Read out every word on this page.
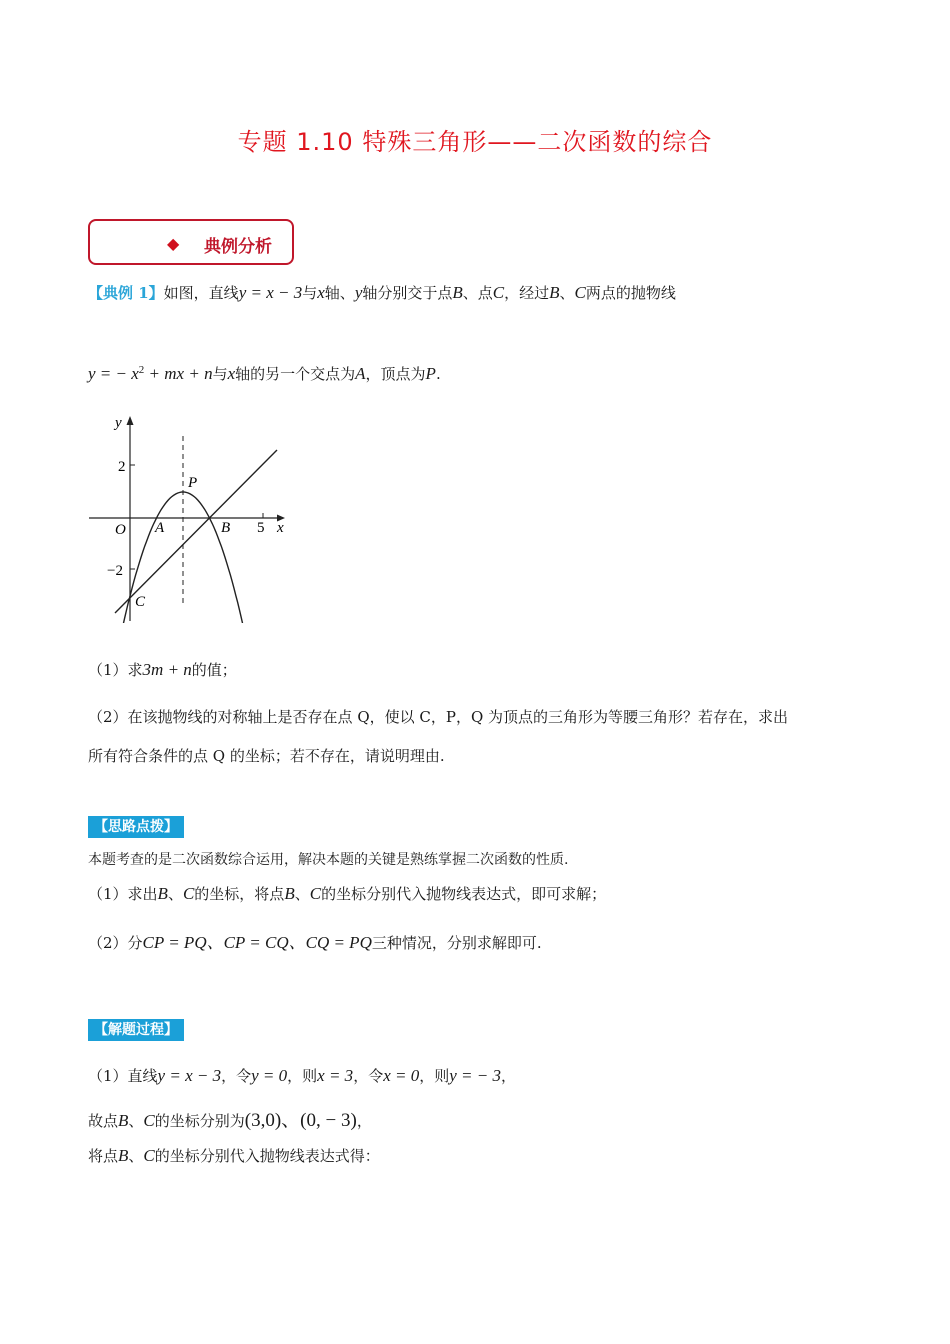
专题 1.10 特殊三角形——二次函数的综合
◆ 典例分析
【典例 1】如图，直线y = x − 3与x轴、y轴分别交于点B、点C，经过B、C两点的抛物线
y = − $x^2$ + mx + n与x轴的另一个交点为A，顶点为P.
y
x
2
5
−2
O A	B
C
P
（1）求3m + n的值；
（2）在该抛物线的对称轴上是否存在点 Q，使以 C，P，Q 为顶点的三角形为等腰三角形？若存在，求出
所有符合条件的点 Q 的坐标；若不存在，请说明理由.
【思路点拨】
本题考查的是二次函数综合运用，解决本题的关键是熟练掌握二次函数的性质.
（1）求出B、C的坐标，将点B、C的坐标分别代入抛物线表达式，即可求解；
（2）分CP = PQ、CP = CQ、CQ = PQ三种情况，分别求解即可.
【解题过程】
（1）直线y = x − 3，令y = 0，则x = 3，令x = 0，则y = − 3，
故点B、C的坐标分别为(3,0)、(0, − 3)，
将点B、C的坐标分别代入抛物线表达式得：
